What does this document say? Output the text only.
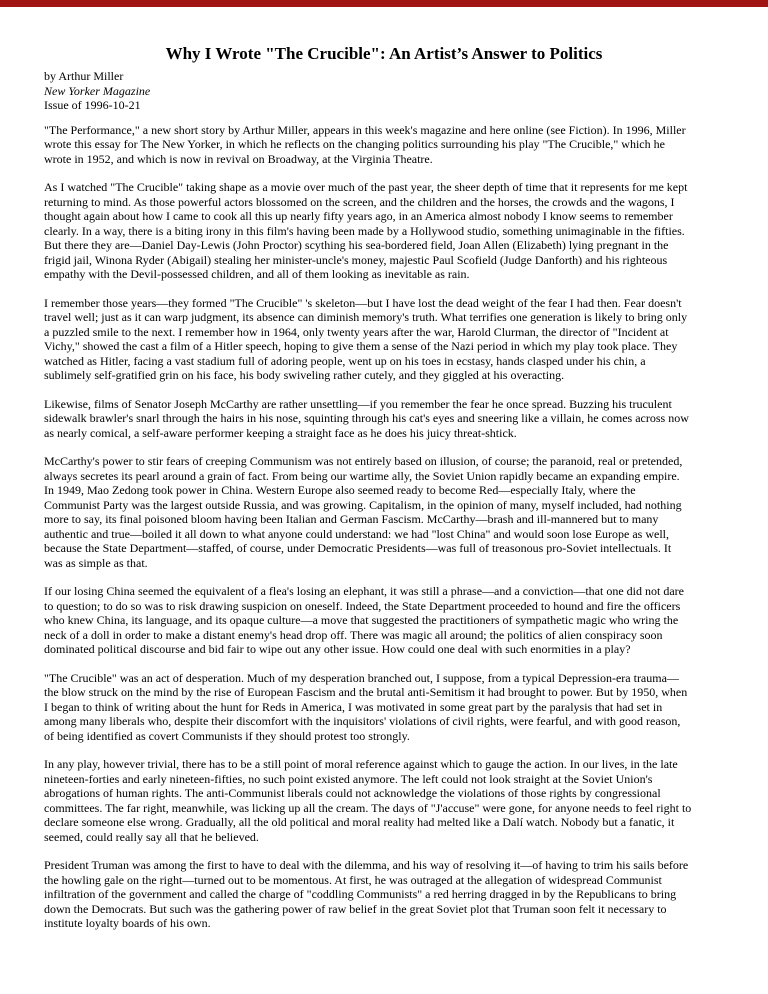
Why I Wrote "The Crucible": An Artist’s Answer to Politics
by Arthur Miller
New Yorker Magazine
Issue of 1996-10-21
"The Performance," a new short story by Arthur Miller, appears in this week's magazine and here online (see Fiction). In 1996, Miller
wrote this essay for The New Yorker, in which he reflects on the changing politics surrounding his play "The Crucible," which he
wrote in 1952, and which is now in revival on Broadway, at the Virginia Theatre.
As I watched "The Crucible" taking shape as a movie over much of the past year, the sheer depth of time that it represents for me kept
returning to mind. As those powerful actors blossomed on the screen, and the children and the horses, the crowds and the wagons, I
thought again about how I came to cook all this up nearly fifty years ago, in an America almost nobody I know seems to remember
clearly. In a way, there is a biting irony in this film's having been made by a Hollywood studio, something unimaginable in the fifties.
But there they are—Daniel Day-Lewis (John Proctor) scything his sea-bordered field, Joan Allen (Elizabeth) lying pregnant in the
frigid jail, Winona Ryder (Abigail) stealing her minister-uncle's money, majestic Paul Scofield (Judge Danforth) and his righteous
empathy with the Devil-possessed children, and all of them looking as inevitable as rain.
I remember those years—they formed "The Crucible" 's skeleton—but I have lost the dead weight of the fear I had then. Fear doesn't
travel well; just as it can warp judgment, its absence can diminish memory's truth. What terrifies one generation is likely to bring only
a puzzled smile to the next. I remember how in 1964, only twenty years after the war, Harold Clurman, the director of "Incident at
Vichy," showed the cast a film of a Hitler speech, hoping to give them a sense of the Nazi period in which my play took place. They
watched as Hitler, facing a vast stadium full of adoring people, went up on his toes in ecstasy, hands clasped under his chin, a
sublimely self-gratified grin on his face, his body swiveling rather cutely, and they giggled at his overacting.
Likewise, films of Senator Joseph McCarthy are rather unsettling—if you remember the fear he once spread. Buzzing his truculent
sidewalk brawler's snarl through the hairs in his nose, squinting through his cat's eyes and sneering like a villain, he comes across now
as nearly comical, a self-aware performer keeping a straight face as he does his juicy threat-shtick.
McCarthy's power to stir fears of creeping Communism was not entirely based on illusion, of course; the paranoid, real or pretended,
always secretes its pearl around a grain of fact. From being our wartime ally, the Soviet Union rapidly became an expanding empire.
In 1949, Mao Zedong took power in China. Western Europe also seemed ready to become Red—especially Italy, where the
Communist Party was the largest outside Russia, and was growing. Capitalism, in the opinion of many, myself included, had nothing
more to say, its final poisoned bloom having been Italian and German Fascism. McCarthy—brash and ill-mannered but to many
authentic and true—boiled it all down to what anyone could understand: we had "lost China" and would soon lose Europe as well,
because the State Department—staffed, of course, under Democratic Presidents—was full of treasonous pro-Soviet intellectuals. It
was as simple as that.
If our losing China seemed the equivalent of a flea's losing an elephant, it was still a phrase—and a conviction—that one did not dare
to question; to do so was to risk drawing suspicion on oneself. Indeed, the State Department proceeded to hound and fire the officers
who knew China, its language, and its opaque culture—a move that suggested the practitioners of sympathetic magic who wring the
neck of a doll in order to make a distant enemy's head drop off. There was magic all around; the politics of alien conspiracy soon
dominated political discourse and bid fair to wipe out any other issue. How could one deal with such enormities in a play?
"The Crucible" was an act of desperation. Much of my desperation branched out, I suppose, from a typical Depression-era trauma—
the blow struck on the mind by the rise of European Fascism and the brutal anti-Semitism it had brought to power. But by 1950, when
I began to think of writing about the hunt for Reds in America, I was motivated in some great part by the paralysis that had set in
among many liberals who, despite their discomfort with the inquisitors' violations of civil rights, were fearful, and with good reason,
of being identified as covert Communists if they should protest too strongly.
In any play, however trivial, there has to be a still point of moral reference against which to gauge the action. In our lives, in the late
nineteen-forties and early nineteen-fifties, no such point existed anymore. The left could not look straight at the Soviet Union's
abrogations of human rights. The anti-Communist liberals could not acknowledge the violations of those rights by congressional
committees. The far right, meanwhile, was licking up all the cream. The days of "J'accuse" were gone, for anyone needs to feel right to
declare someone else wrong. Gradually, all the old political and moral reality had melted like a Dalí watch. Nobody but a fanatic, it
seemed, could really say all that he believed.
President Truman was among the first to have to deal with the dilemma, and his way of resolving it—of having to trim his sails before
the howling gale on the right—turned out to be momentous. At first, he was outraged at the allegation of widespread Communist
infiltration of the government and called the charge of "coddling Communists" a red herring dragged in by the Republicans to bring
down the Democrats. But such was the gathering power of raw belief in the great Soviet plot that Truman soon felt it necessary to
institute loyalty boards of his own.
